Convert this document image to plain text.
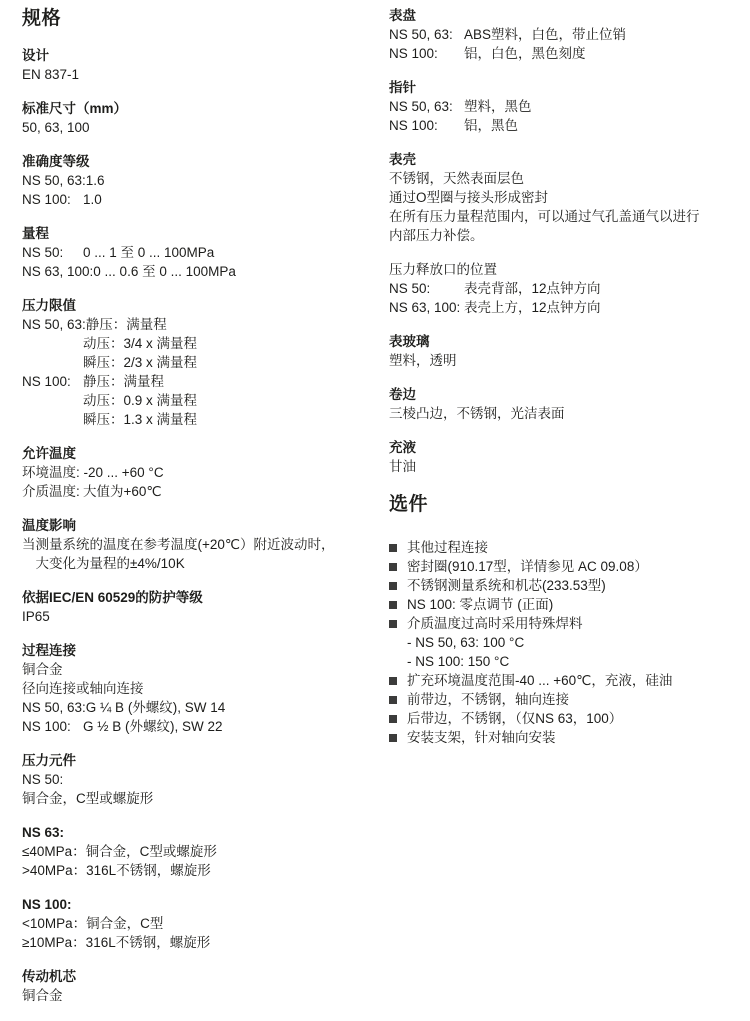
规格
设计
EN 837-1
标准尺寸（mm）
50, 63, 100
准确度等级
NS 50, 63: 1.6
NS 100: 1.0
量程
NS 50:	0 ... 1 至 0 ... 100MPa
NS 63, 100: 0 ... 0.6 至 0 ... 100MPa
压力限值
NS 50, 63: 静压：满量程
动压：3/4 x 满量程
瞬压：2/3 x 满量程
NS 100: 静压：满量程
动压：0.9 x 满量程
瞬压：1.3 x 满量程
允许温度
环境温度: -20 ... +60 °C
介质温度: 大值为+60℃
温度影响
当测量系统的温度在参考温度(+20℃）附近波动时，
　大变化为量程的±4%/10K
依据IEC/EN 60529的防护等级
IP65
过程连接
铜合金
径向连接或轴向连接
NS 50, 63: G ¼ B (外螺纹), SW 14
NS 100: G ½ B (外螺纹), SW 22
压力元件
NS 50:
铜合金，C型或螺旋形
NS 63:
≤40MPa：铜合金，C型或螺旋形
>40MPa：316L不锈钢，螺旋形
NS 100:
<10MPa：铜合金，C型
≥10MPa：316L不锈钢，螺旋形
传动机芯
铜合金
表盘
NS 50, 63: ABS塑料，白色，带止位销
NS 100:	铝，白色，黑色刻度
指针
NS 50, 63: 塑料，黑色
NS 100:	铝，黑色
表壳
不锈钢，天然表面层色
通过O型圈与接头形成密封
在所有压力量程范围内，可以通过气孔盖通气以进行
内部压力补偿。
压力释放口的位置
NS 50:	表壳背部，12点钟方向
NS 63, 100: 表壳上方，12点钟方向
表玻璃
塑料，透明
卷边
三棱凸边，不锈钢，光洁表面
充液
甘油
选件
其他过程连接
密封圈(910.17型，详情参见 AC 09.08）
不锈钢测量系统和机芯(233.53型)
NS 100: 零点调节 (正面)
介质温度过高时采用特殊焊料
- NS 50, 63: 100 °C
- NS 100: 150 °C
扩充环境温度范围-40 ... +60℃，充液，硅油
前带边，不锈钢，轴向连接
后带边，不锈钢，（仅NS 63，100）
安装支架，针对轴向安装
